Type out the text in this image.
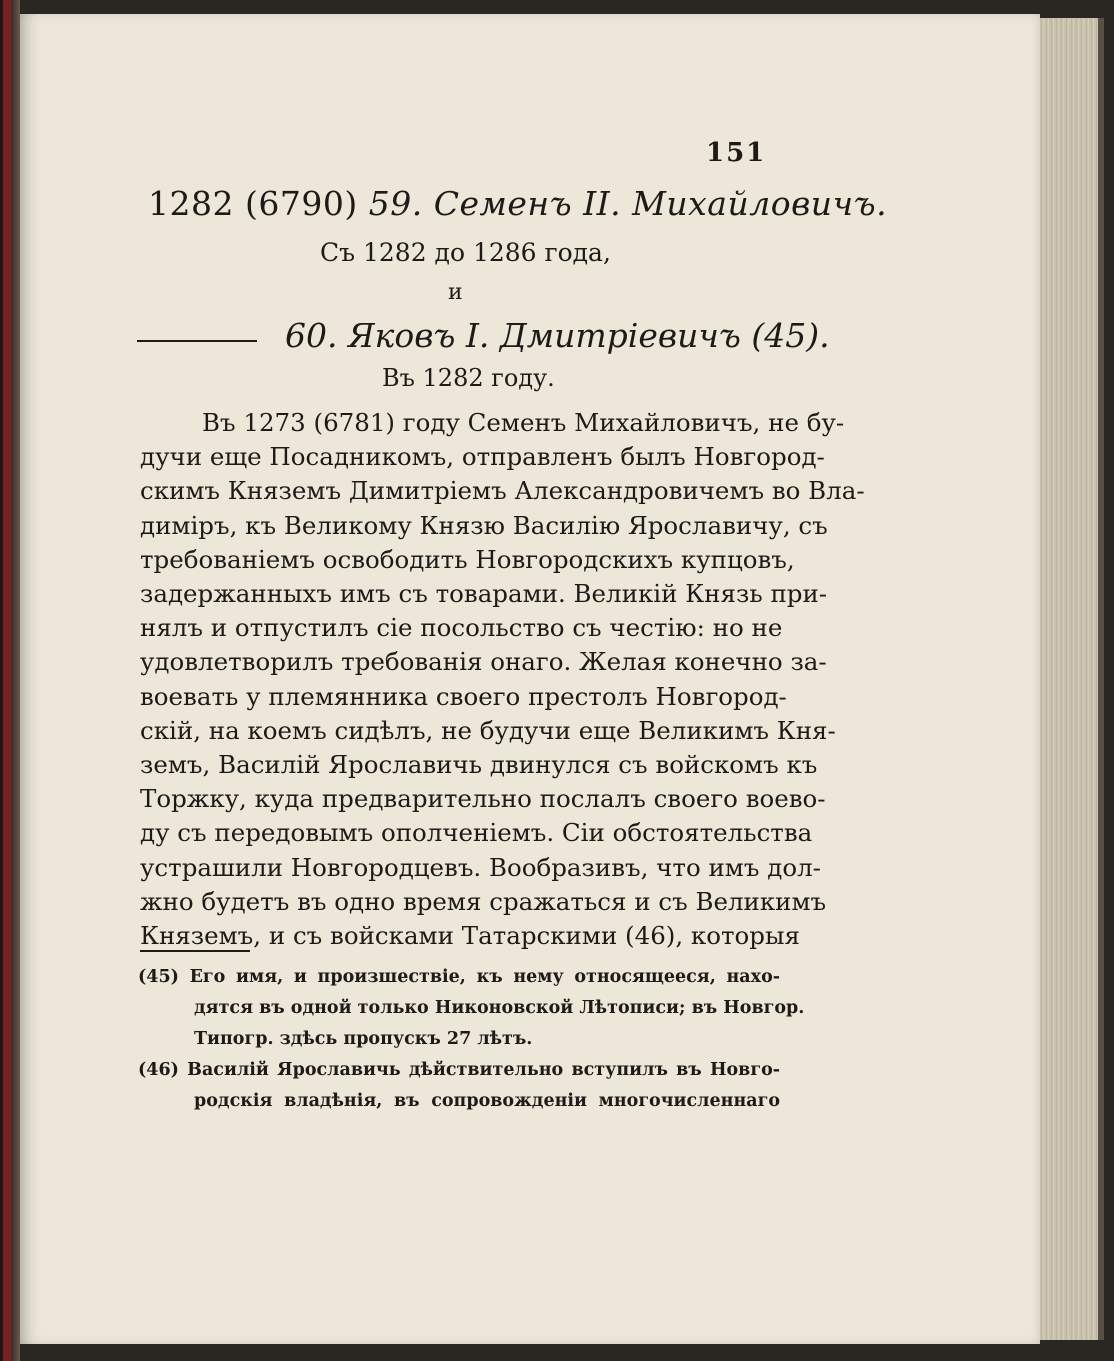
151
1282 (6790) 59. Семенъ II. Михайловичъ.
Съ 1282 до 1286 года,
и
60. Яковъ I. Дмитріевичъ (45).
Въ 1282 году.
Въ 1273 (6781) году Семенъ Михайловичъ, не бу-
дучи еще Посадникомъ, отправленъ былъ Новгород-
скимъ Княземъ Димитріемъ Александровичемъ во Вла-
диміръ, къ Великому Князю Василію Ярославичу, съ
требованіемъ освободить Новгородскихъ купцовъ,
задержанныхъ имъ съ товарами. Великій Князь при-
нялъ и отпустилъ сіе посольство съ честію: но не
удовлетворилъ требованія онаго. Желая конечно за-
воевать у племянника своего престолъ Новгород-
скій, на коемъ сидѣлъ, не будучи еще Великимъ Кня-
земъ, Василій Ярославичь двинулся съ войскомъ къ
Торжку, куда предварительно послалъ своего воево-
ду съ передовымъ ополченіемъ. Сіи обстоятельства
устрашили Новгородцевъ. Вообразивъ, что имъ дол-
жно будетъ въ одно время сражаться и съ Великимъ
Княземъ, и съ войсками Татарскими (46), которыя
(45) Его имя, и произшествіе, къ нему относящееся, нахо-
дятся въ одной только Никоновской Лѣтописи; въ Новгор.
Типогр. здѣсь пропускъ 27 лѣтъ.
(46) Василій Ярославичь дѣйствительно вступилъ въ Новго-
родскія владѣнія, въ сопровожденіи многочисленнаго
